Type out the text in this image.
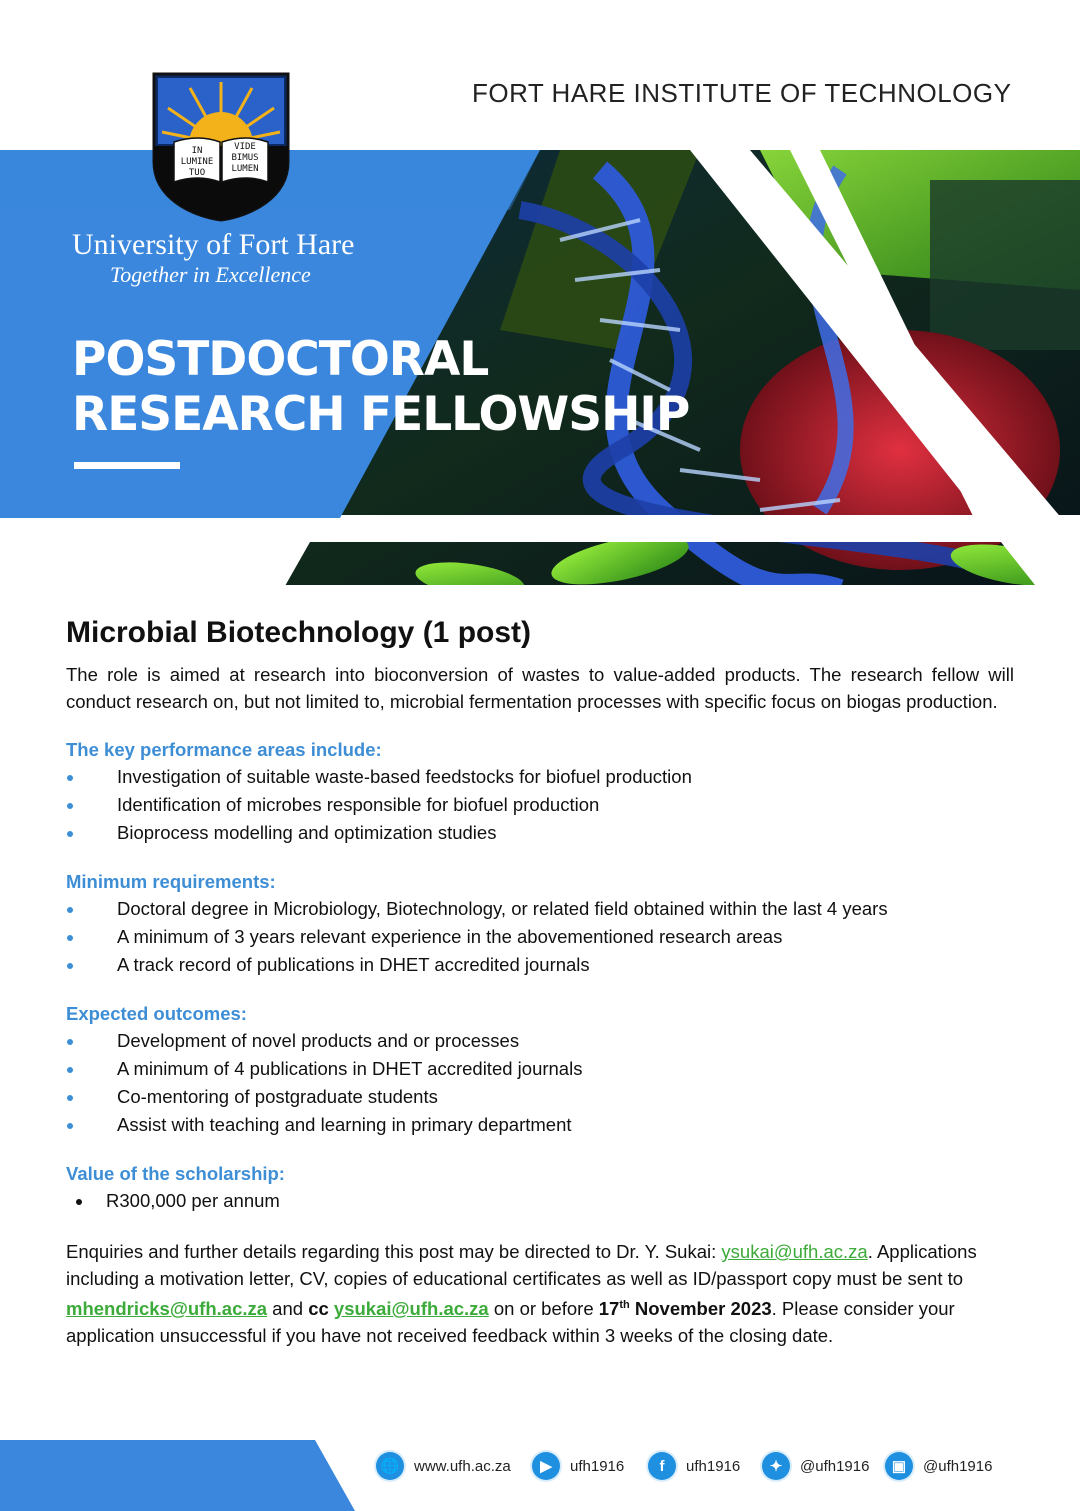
FORT HARE INSTITUTE OF TECHNOLOGY
IN
LUMINE
TUO
VIDE
BIMUS
LUMEN
University of Fort Hare
Together in Excellence
POSTDOCTORAL
RESEARCH FELLOWSHIP
Microbial Biotechnology (1 post)

The role is aimed at research into bioconversion of wastes to value-added products. The research fellow will conduct research on, but not limited to, microbial fermentation processes with specific focus on biogas production.

The key performance areas include:
Investigation of suitable waste-based feedstocks for biofuel production
Identification of microbes responsible for biofuel production
Bioprocess modelling and optimization studies
Minimum requirements:
Doctoral degree in Microbiology, Biotechnology, or related field obtained within the last 4 years
A minimum of 3 years relevant experience in the abovementioned research areas
A track record of publications in DHET accredited journals
Expected outcomes:
Development of novel products and or processes
A minimum of 4 publications in DHET accredited journals
Co-mentoring of postgraduate students
Assist with teaching and learning in primary department
Value of the scholarship:
R300,000 per annum
Enquiries and further details regarding this post may be directed to Dr. Y. Sukai: ysukai@ufh.ac.za. Applications including a motivation letter, CV, copies of educational certificates as well as ID/passport copy must be sent to mhendricks@ufh.ac.za and cc ysukai@ufh.ac.za on or before 17th November 2023. Please consider your application unsuccessful if you have not received feedback within 3 weeks of the closing date.
🌐 www.ufh.ac.za	▶	ufh1916	f	ufh1916	✦	@ufh1916	▣	@ufh1916
